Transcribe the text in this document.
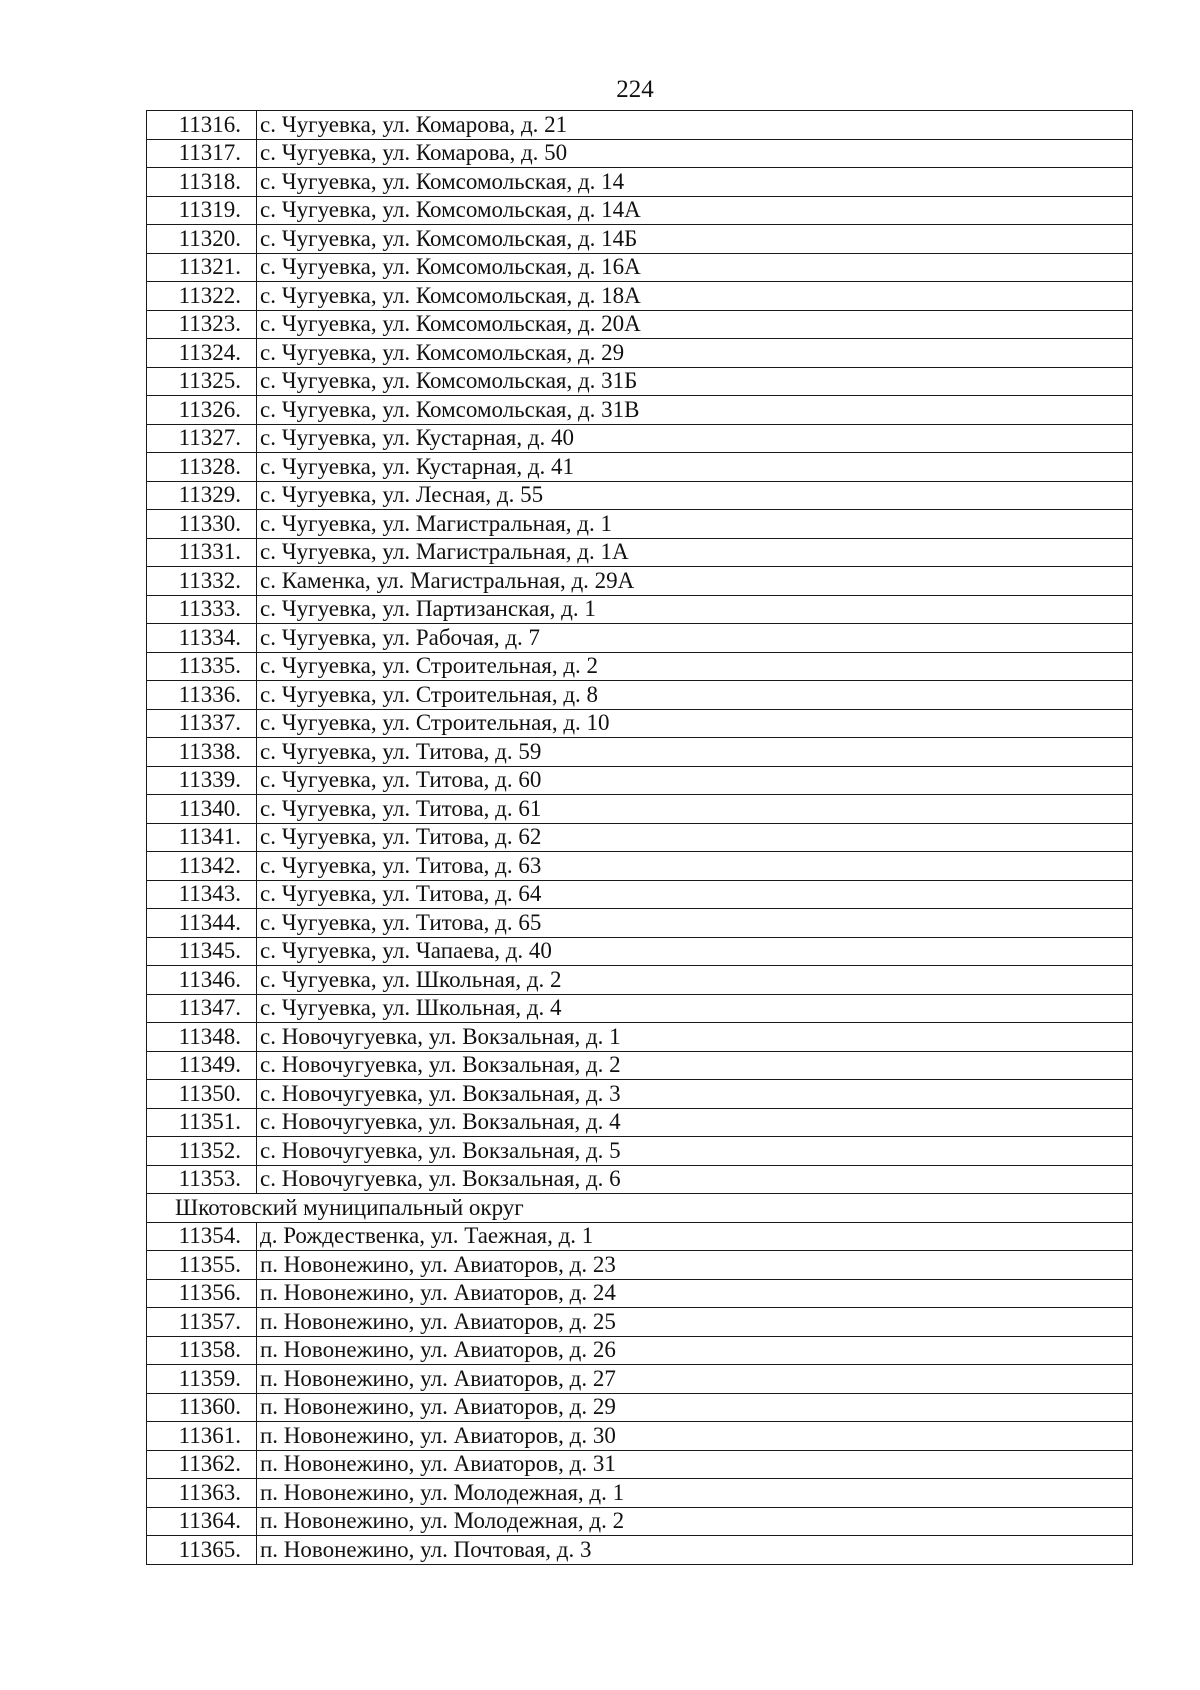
224
11316.	с. Чугуевка, ул. Комарова, д. 21
11317.	с. Чугуевка, ул. Комарова, д. 50
11318.	с. Чугуевка, ул. Комсомольская, д. 14
11319.	с. Чугуевка, ул. Комсомольская, д. 14А
11320.	с. Чугуевка, ул. Комсомольская, д. 14Б
11321.	с. Чугуевка, ул. Комсомольская, д. 16А
11322.	с. Чугуевка, ул. Комсомольская, д. 18А
11323.	с. Чугуевка, ул. Комсомольская, д. 20А
11324.	с. Чугуевка, ул. Комсомольская, д. 29
11325.	с. Чугуевка, ул. Комсомольская, д. 31Б
11326.	с. Чугуевка, ул. Комсомольская, д. 31В
11327.	с. Чугуевка, ул. Кустарная, д. 40
11328.	с. Чугуевка, ул. Кустарная, д. 41
11329.	с. Чугуевка, ул. Лесная, д. 55
11330.	с. Чугуевка, ул. Магистральная, д. 1
11331.	с. Чугуевка, ул. Магистральная, д. 1А
11332.	с. Каменка, ул. Магистральная, д. 29А
11333.	с. Чугуевка, ул. Партизанская, д. 1
11334.	с. Чугуевка, ул. Рабочая, д. 7
11335.	с. Чугуевка, ул. Строительная, д. 2
11336.	с. Чугуевка, ул. Строительная, д. 8
11337.	с. Чугуевка, ул. Строительная, д. 10
11338.	с. Чугуевка, ул. Титова, д. 59
11339.	с. Чугуевка, ул. Титова, д. 60
11340.	с. Чугуевка, ул. Титова, д. 61
11341.	с. Чугуевка, ул. Титова, д. 62
11342.	с. Чугуевка, ул. Титова, д. 63
11343.	с. Чугуевка, ул. Титова, д. 64
11344.	с. Чугуевка, ул. Титова, д. 65
11345.	с. Чугуевка, ул. Чапаева, д. 40
11346.	с. Чугуевка, ул. Школьная, д. 2
11347.	с. Чугуевка, ул. Школьная, д. 4
11348.	с. Новочугуевка, ул. Вокзальная, д. 1
11349.	с. Новочугуевка, ул. Вокзальная, д. 2
11350.	с. Новочугуевка, ул. Вокзальная, д. 3
11351.	с. Новочугуевка, ул. Вокзальная, д. 4
11352.	с. Новочугуевка, ул. Вокзальная, д. 5
11353.	с. Новочугуевка, ул. Вокзальная, д. 6
Шкотовский муниципальный округ	
11354.	д. Рождественка, ул. Таежная, д. 1
11355.	п. Новонежино, ул. Авиаторов, д. 23
11356.	п. Новонежино, ул. Авиаторов, д. 24
11357.	п. Новонежино, ул. Авиаторов, д. 25
11358.	п. Новонежино, ул. Авиаторов, д. 26
11359.	п. Новонежино, ул. Авиаторов, д. 27
11360.	п. Новонежино, ул. Авиаторов, д. 29
11361.	п. Новонежино, ул. Авиаторов, д. 30
11362.	п. Новонежино, ул. Авиаторов, д. 31
11363.	п. Новонежино, ул. Молодежная, д. 1
11364.	п. Новонежино, ул. Молодежная, д. 2
11365.	п. Новонежино, ул. Почтовая, д. 3
